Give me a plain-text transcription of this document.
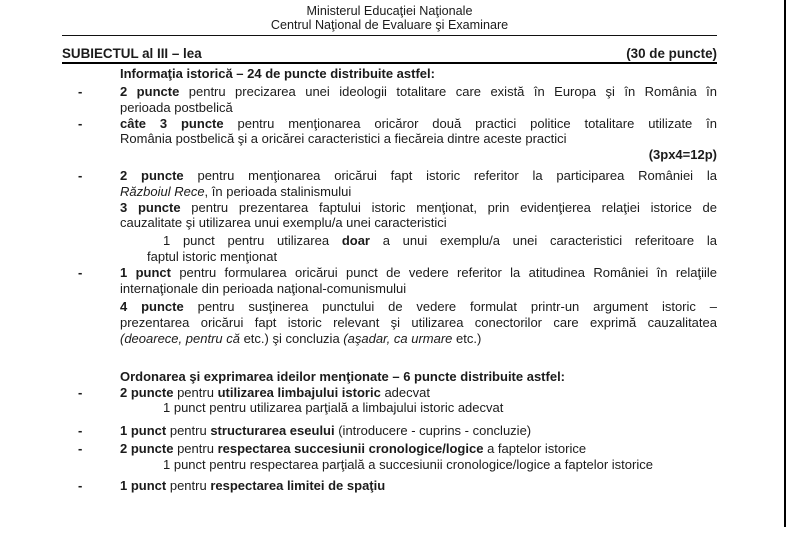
Ministerul Educaţiei Naţionale
Centrul Naţional de Evaluare şi Examinare
SUBIECTUL al III – lea	(30 de puncte)
Informaţia istorică – 24 de puncte distribuite astfel:
-	2 puncte pentru precizarea unei ideologii totalitare care există în Europa şi în România în
perioada postbelică
-	câte 3 puncte pentru menţionarea oricăror două practici politice totalitare utilizate în
România postbelică şi a oricărei caracteristici a fiecăreia dintre aceste practici
(3px4=12p)
-	2 puncte pentru menţionarea oricărui fapt istoric referitor la participarea României la
Războiul Rece, în perioada stalinismului
3 puncte pentru prezentarea faptului istoric menţionat, prin evidenţierea relaţiei istorice de
cauzalitate şi utilizarea unui exemplu/a unei caracteristici
1 punct pentru utilizarea doar a unui exemplu/a unei caracteristici referitoare la
faptul istoric menţionat
-	1 punct pentru formularea oricărui punct de vedere referitor la atitudinea României în relaţiile
internaţionale din perioada naţional-comunismului
4 puncte pentru susţinerea punctului de vedere formulat printr-un argument istoric –
prezentarea oricărui fapt istoric relevant şi utilizarea conectorilor care exprimă cauzalitatea
(deoarece, pentru că etc.) şi concluzia (aşadar, ca urmare etc.)
Ordonarea şi exprimarea ideilor menţionate – 6 puncte distribuite astfel:
-	2 puncte pentru utilizarea limbajului istoric adecvat
1 punct pentru utilizarea parţială a limbajului istoric adecvat
-	1 punct pentru structurarea eseului (introducere - cuprins - concluzie)
-	2 puncte pentru respectarea succesiunii cronologice/logice a faptelor istorice
1 punct pentru respectarea parţială a succesiunii cronologice/logice a faptelor istorice
-	1 punct pentru respectarea limitei de spaţiu
